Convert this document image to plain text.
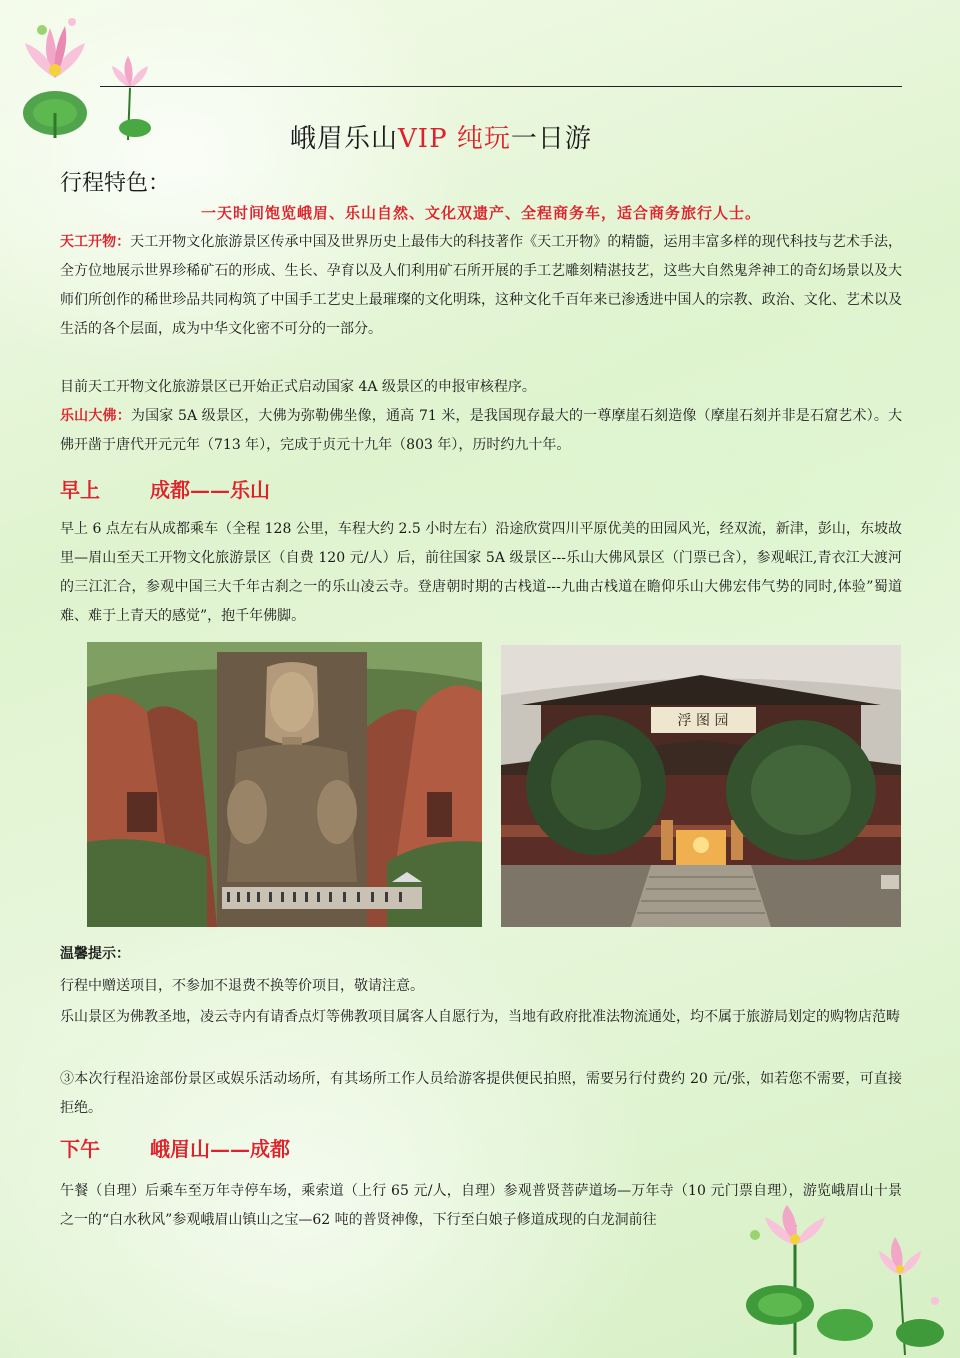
峨眉乐山VIP 纯玩一日游
行程特色：
一天时间饱览峨眉、乐山自然、文化双遗产、全程商务车，适合商务旅行人士。

天工开物：天工开物文化旅游景区传承中国及世界历史上最伟大的科技著作《天工开物》的精髓，运用丰富多样的现代科技与艺术手法，全方位地展示世界珍稀矿石的形成、生长、孕育以及人们利用矿石所开展的手工艺雕刻精湛技艺，这些大自然鬼斧神工的奇幻场景以及大师们所创作的稀世珍品共同构筑了中国手工艺史上最璀璨的文化明珠，这种文化千百年来已渗透进中国人的宗教、政治、文化、艺术以及生活的各个层面，成为中华文化密不可分的一部分。

目前天工开物文化旅游景区已开始正式启动国家 4A 级景区的申报审核程序。

乐山大佛：为国家 5A 级景区，大佛为弥勒佛坐像，通高 71 米，是我国现存最大的一尊摩崖石刻造像（摩崖石刻并非是石窟艺术）。大佛开凿于唐代开元元年（713 年），完成于贞元十九年（803 年），历时约九十年。

早上	成都——乐山

早上 6 点左右从成都乘车（全程 128 公里，车程大约 2.5 小时左右）沿途欣赏四川平原优美的田园风光，经双流，新津，彭山，东坡故里—眉山至天工开物文化旅游景区（自费 120 元/人）后，前往国家 5A 级景区---乐山大佛风景区（门票已含），参观岷江,青衣江大渡河的三江汇合，参观中国三大千年古刹之一的乐山凌云寺。登唐朝时期的古栈道---九曲古栈道在瞻仰乐山大佛宏伟气势的同时,体验”蜀道难、难于上青天的感觉”，抱千年佛脚。

浮 图 园
温馨提示：

行程中赠送项目，不参加不退费不换等价项目，敬请注意。

乐山景区为佛教圣地，凌云寺内有请香点灯等佛教项目属客人自愿行为，当地有政府批准法物流通处，均不属于旅游局划定的购物店范畴

③本次行程沿途部份景区或娱乐活动场所，有其场所工作人员给游客提供便民拍照，需要另行付费约 20 元/张，如若您不需要，可直接拒绝。

下午	峨眉山——成都

午餐（自理）后乘车至万年寺停车场，乘索道（上行 65 元/人，自理）参观普贤菩萨道场—万年寺（10 元门票自理），游览峨眉山十景之一的“白水秋风”参观峨眉山镇山之宝—62 吨的普贤神像，下行至白娘子修道成现的白龙洞前往
